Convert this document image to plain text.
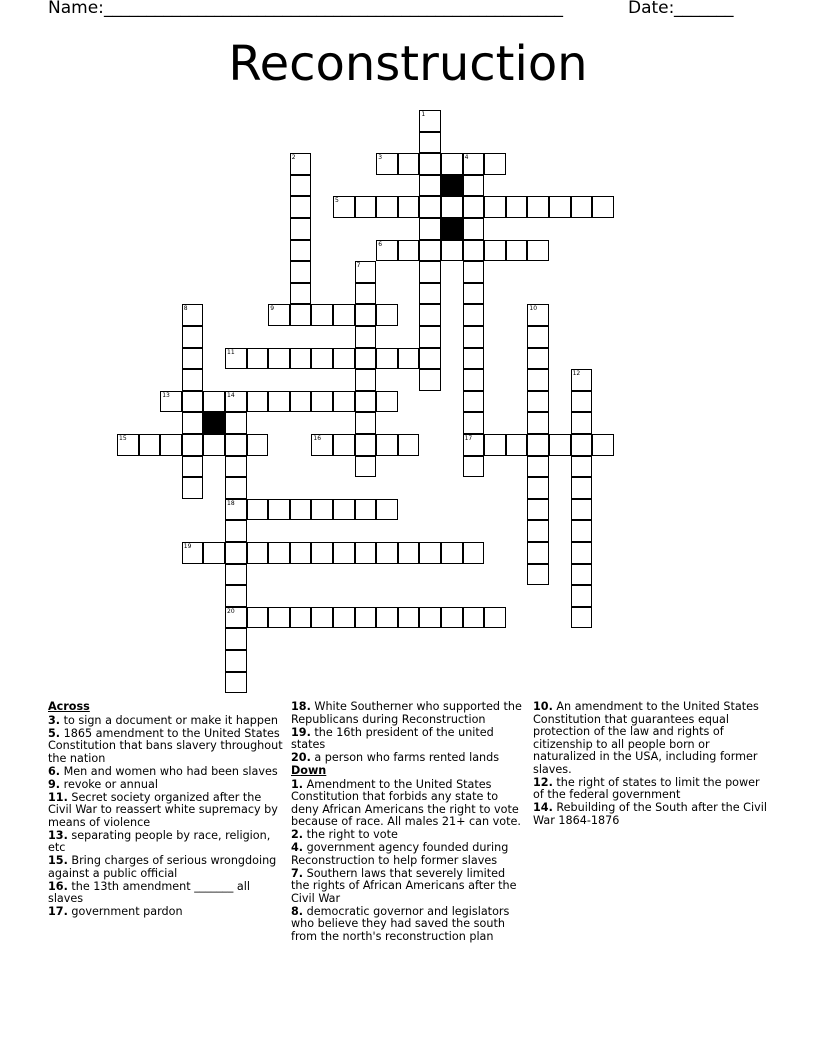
Name: ______________________________________________________	Date: _______
Reconstruction
1
2	3	4
5
6
7
8	9	10
11
12
13	14
15	16	17
18
19
20
Across
3. to sign a document or make it happen
5. 1865 amendment to the United States Constitution that bans slavery throughout the nation
6. Men and women who had been slaves
9. revoke or annual
11. Secret society organized after the Civil War to reassert white supremacy by means of violence
13. separating people by race, religion, etc
15. Bring charges of serious wrongdoing against a public official
16. the 13th amendment _______ all slaves
17. government pardon
18. White Southerner who supported the Republicans during Reconstruction
19. the 16th president of the united states
20. a person who farms rented lands
Down
1. Amendment to the United States Constitution that forbids any state to deny African Americans the right to vote because of race. All males 21+ can vote.
2. the right to vote
4. government agency founded during Reconstruction to help former slaves
7. Southern laws that severely limited the rights of African Americans after the Civil War
8. democratic governor and legislators who believe they had saved the south from the north's reconstruction plan
10. An amendment to the United States Constitution that guarantees equal protection of the law and rights of citizenship to all people born or naturalized in the USA, including former slaves.
12. the right of states to limit the power of the federal government
14. Rebuilding of the South after the Civil War 1864-1876
